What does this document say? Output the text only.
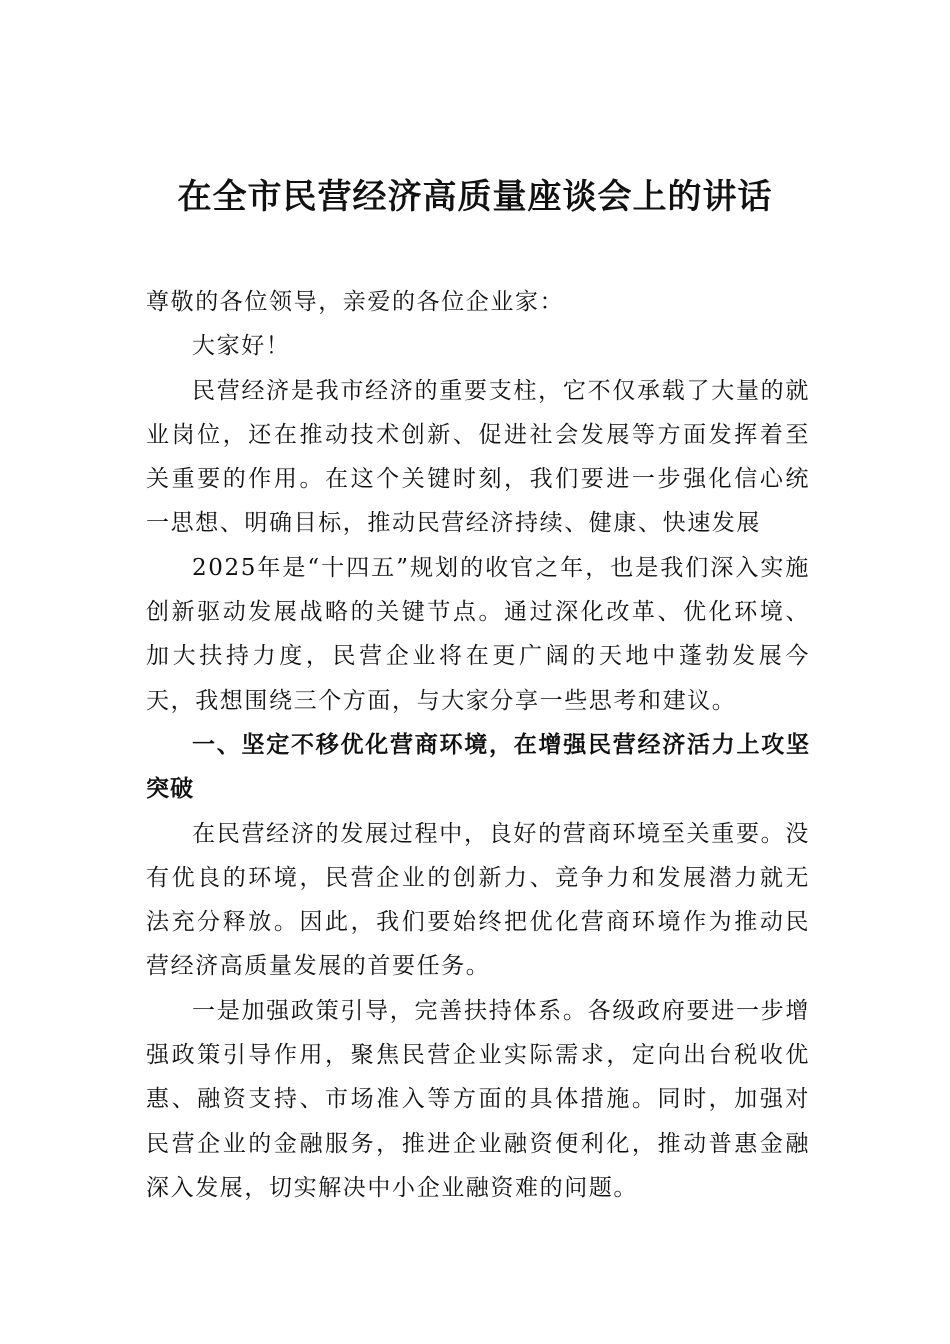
在全市民营经济高质量座谈会上的讲话

尊敬的各位领导，亲爱的各位企业家：

大家好！

民营经济是我市经济的重要支柱，它不仅承载了大量的就业岗位，还在推动技术创新、促进社会发展等方面发挥着至关重要的作用。在这个关键时刻，我们要进一步强化信心统一思想、明确目标，推动民营经济持续、健康、快速发展

2025年是“十四五”规划的收官之年，也是我们深入实施创新驱动发展战略的关键节点。通过深化改革、优化环境、加大扶持力度，民营企业将在更广阔的天地中蓬勃发展今天，我想围绕三个方面，与大家分享一些思考和建议。

一、坚定不移优化营商环境，在增强民营经济活力上攻坚突破

在民营经济的发展过程中，良好的营商环境至关重要。没有优良的环境，民营企业的创新力、竞争力和发展潜力就无法充分释放。因此，我们要始终把优化营商环境作为推动民营经济高质量发展的首要任务。

一是加强政策引导，完善扶持体系。各级政府要进一步增强政策引导作用，聚焦民营企业实际需求，定向出台税收优惠、融资支持、市场准入等方面的具体措施。同时，加强对民营企业的金融服务，推进企业融资便利化，推动普惠金融深入发展，切实解决中小企业融资难的问题。
